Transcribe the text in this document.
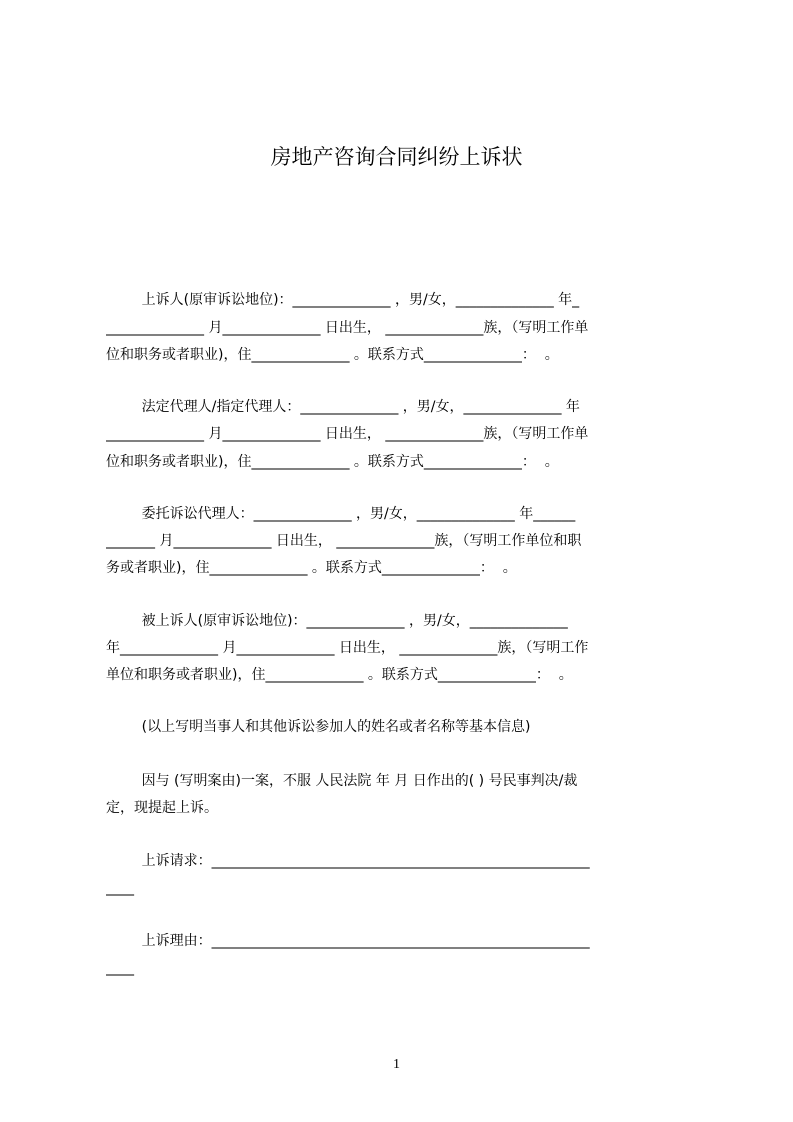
房地产咨询合同纠纷上诉状
上诉人(原审诉讼地位)：______________ ，男/女，______________ 年_
______________ 月______________ 日出生， ______________族，（写明工作单
位和职务或者职业)，住______________ 。联系方式______________：  。
法定代理人/指定代理人：______________ ，男/女，______________ 年
______________ 月______________ 日出生， ______________族，（写明工作单
位和职务或者职业)，住______________ 。联系方式______________：  。
委托诉讼代理人：______________ ，男/女，______________ 年______
_______ 月______________ 日出生， ______________族，（写明工作单位和职
务或者职业)，住______________ 。联系方式______________：  。
被上诉人(原审诉讼地位)：______________ ，男/女，______________
年______________ 月______________ 日出生， ______________族，（写明工作
单位和职务或者职业)，住______________ 。联系方式______________：  。
(以上写明当事人和其他诉讼参加人的姓名或者名称等基本信息)
因与 (写明案由)一案，不服 人民法院 年 月 日作出的( ) 号民事判决/裁
定，现提起上诉。
上诉请求：______________________________________________________
____
上诉理由：______________________________________________________
____
1
